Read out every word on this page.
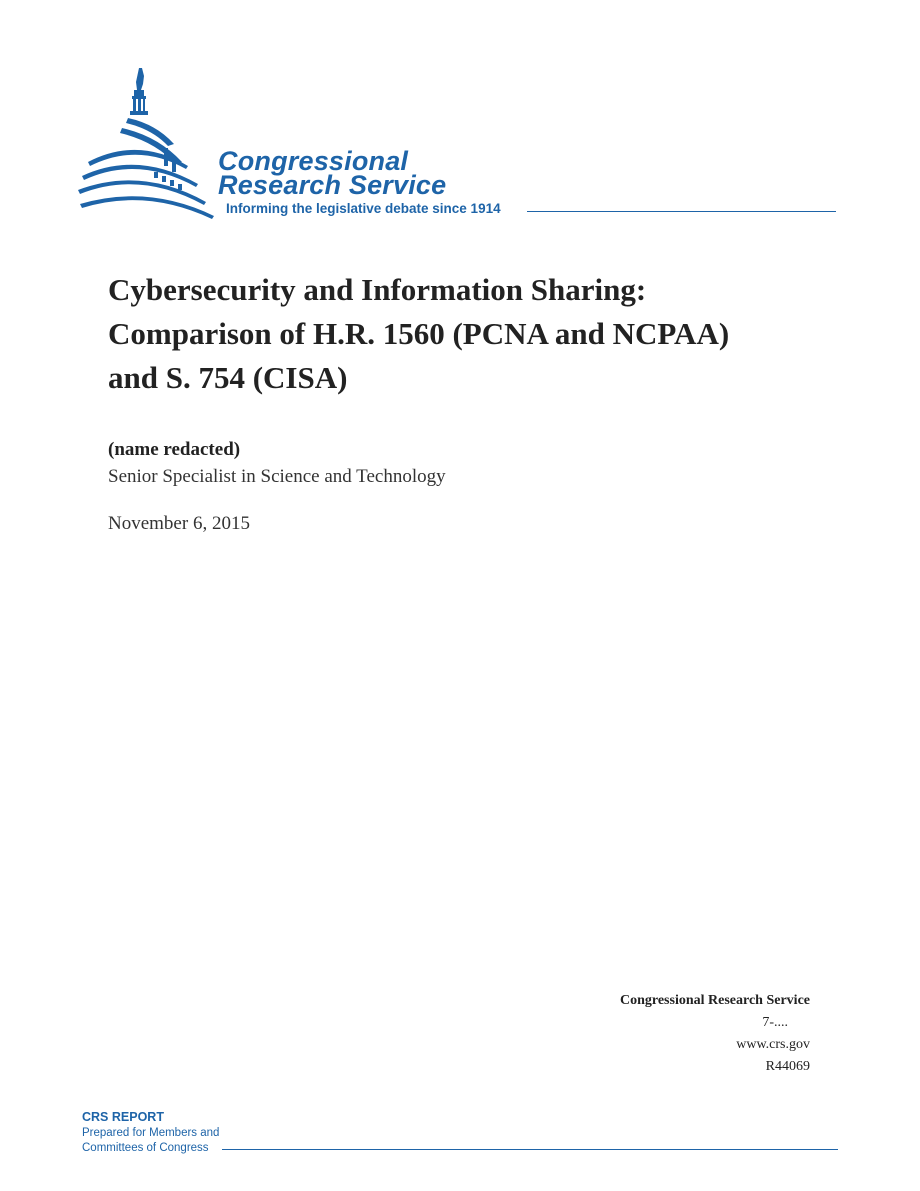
Congressional
Research Service
Informing the legislative debate since 1914
Cybersecurity and Information Sharing:
Comparison of H.R. 1560 (PCNA and NCPAA)
and S. 754 (CISA)
(name redacted)
Senior Specialist in Science and Technology
November 6, 2015
Congressional Research Service
7-....
www.crs.gov
R44069
CRS REPORT
Prepared for Members and
Committees of Congress
